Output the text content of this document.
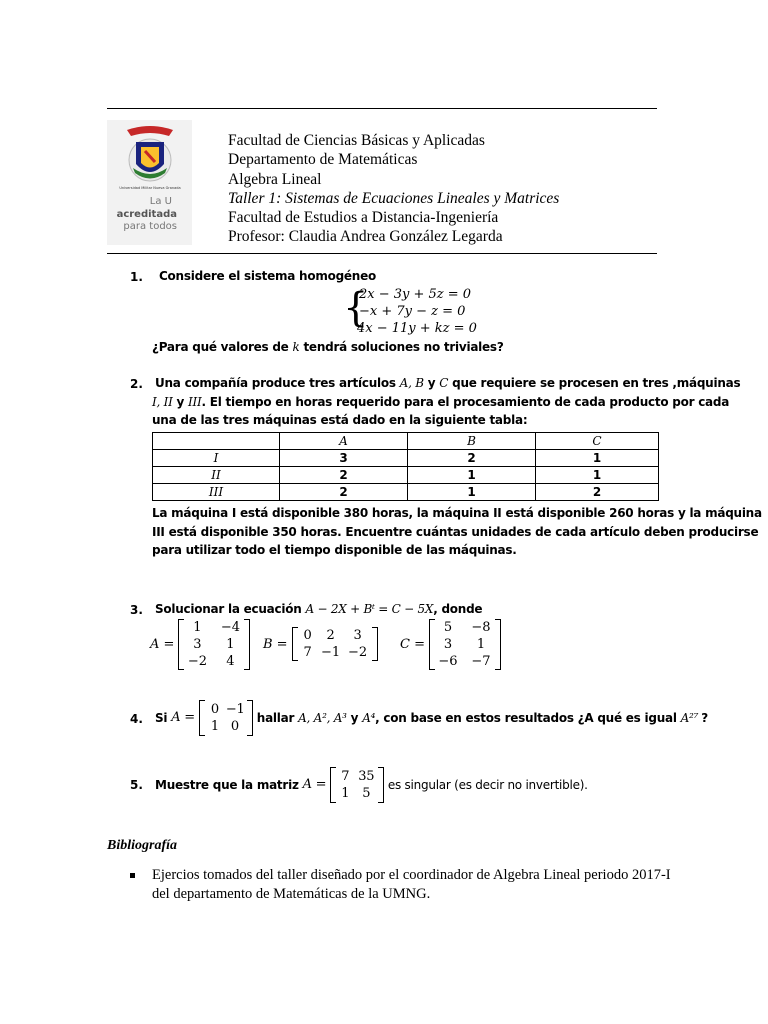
Universidad Militar Nueva Granada
La U
acreditada
para todos
Facultad de Ciencias Básicas y Aplicadas
Departamento de Matemáticas
Algebra Lineal
Taller 1: Sistemas de Ecuaciones Lineales y Matrices
Facultad de Estudios a Distancia-Ingeniería
Profesor: Claudia Andrea González Legarda
1. Considere el sistema homogéneo
{
2x − 3y + 5z = 0
−x + 7y − z = 0
4x − 11y + kz = 0
¿Para qué valores de k tendrá soluciones no triviales?
2. Una compañía produce tres artículos A, B y C que requiere se procesen en tres ,máquinas
I, II y III. El tiempo en horas requerido para el procesamiento de cada producto por cada
una de las tres máquinas está dado en la siguiente tabla:
	A	B	C
I	3	2	1
II	2	1	1
III	2	1	2
La máquina I está disponible 380 horas, la máquina II está disponible 260 horas y la máquina
III está disponible 350 horas. Encuentre cuántas unidades de cada artículo deben producirse
para utilizar todo el tiempo disponible de las máquinas.
3. Solucionar la ecuación A − 2X + Bᵗ = C − 5X, donde
A =
1	−4
3	1
−2	4
B =
0	2	3
7 −1 −2
C =
5	−8
3	1
−6 −7
4. Si A =
0 −1
1 0
hallar A, A², A³ y A⁴ , con base en estos resultados ¿A qué es igual A²⁷ ?
5. Muestre que la matriz A =
7 35
1 5
es singular (es decir no invertible).
Bibliografía
Ejercios tomados del taller diseñado por el coordinador de Algebra Lineal periodo 2017-I del departamento de Matemáticas de la UMNG.
